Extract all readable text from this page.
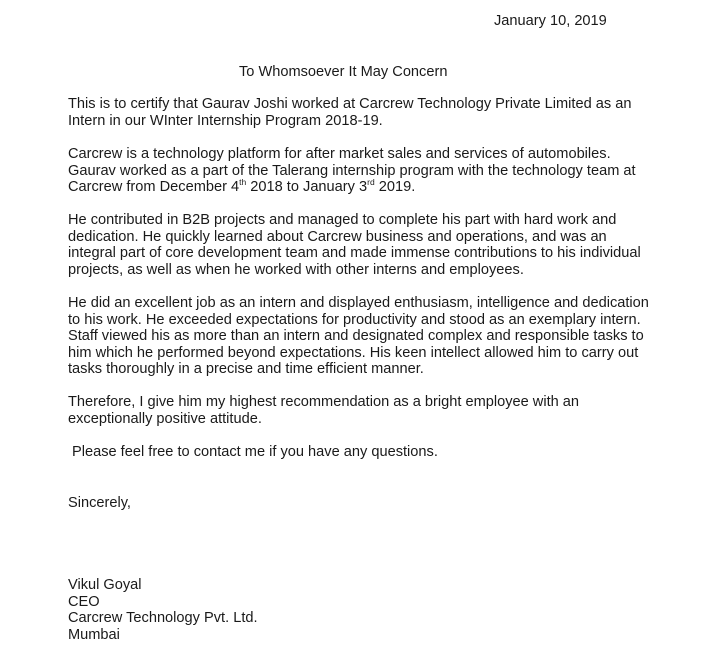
January 10, 2019
To Whomsoever It May Concern

This is to certify that Gaurav Joshi worked at Carcrew Technology Private Limited as an
Intern in our WInter Internship Program 2018-19.

Carcrew is a technology platform for after market sales and services of automobiles.
Gaurav worked as a part of the Talerang internship program with the technology team at
Carcrew from December 4th 2018 to January 3rd 2019.

He contributed in B2B projects and managed to complete his part with hard work and
dedication. He quickly learned about Carcrew business and operations, and was an
integral part of core development team and made immense contributions to his individual
projects, as well as when he worked with other interns and employees.

He did an excellent job as an intern and displayed enthusiasm, intelligence and dedication
to his work. He exceeded expectations for productivity and stood as an exemplary intern.
Staff viewed his as more than an intern and designated complex and responsible tasks to
him which he performed beyond expectations. His keen intellect allowed him to carry out
tasks thoroughly in a precise and time efficient manner.

Therefore, I give him my highest recommendation as a bright employee with an
exceptionally positive attitude.

Please feel free to contact me if you have any questions.

Sincerely,
Vikul Goyal
CEO
Carcrew Technology Pvt. Ltd.
Mumbai
